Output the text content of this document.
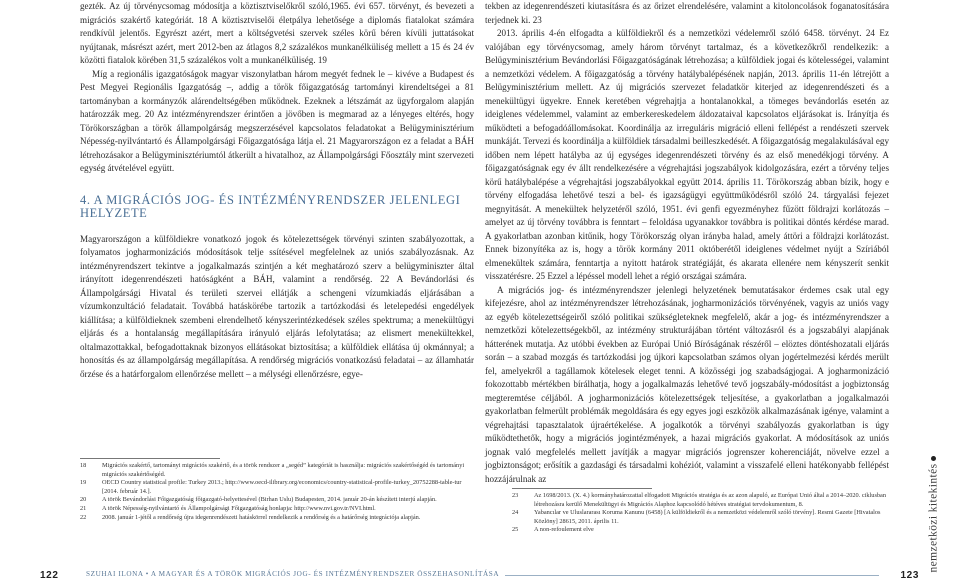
gezték. Az új törvénycsomag módosítja a köztisztviselőkről szóló,1965. évi 657. törvényt, és bevezeti a migrációs szakértő kategóriát. 18 A köztisztviselői életpálya lehetősége a diplomás fiatalokat számára rendkívül jelentős. Egyrészt azért, mert a költségvetési szervek széles körű béren kívüli juttatásokat nyújtanak, másrészt azért, mert 2012-ben az átlagos 8,2 százalékos munkanélküliség mellett a 15 és 24 év közötti fiatalok körében 31,5 százalékos volt a munkanélküliség. 19

Míg a regionális igazgatóságok magyar viszonylatban három megyét fednek le – kivéve a Budapest és Pest Megyei Regionális Igazgatóság –, addig a török főigazgatóság tartományi kirendeltségei a 81 tartományban a kormányzók alárendeltségében működnek. Ezeknek a létszámát az ügyforgalom alapján határozzák meg. 20 Az intézményrendszer érintően a jövőben is megmarad az a lényeges eltérés, hogy Törökországban a török állampolgárság megszerzésével kapcsolatos feladatokat a Belügyminisztérium Népesség-nyilvántartó és Állampolgársági Főigazgatósága látja el. 21 Magyarországon ez a feladat a BÁH létrehozásakor a Belügyminisztériumtól átkerült a hivatalhoz, az Állampolgársági Főosztály mint szervezeti egység átvételével együtt.

4. A MIGRÁCIÓS JOG- ÉS INTÉZMÉNYRENDSZER JELENLEGI HELYZETE

Magyarországon a külföldiekre vonatkozó jogok és kötelezettségek törvényi szinten szabályozottak, a folyamatos jogharmonizációs módosítások telje ssítésével megfelelnek az uniós szabályozásnak. Az intézményrendszert tekintve a jogalkalmazás szintjén a két meghatározó szerv a belügyminiszter által irányított idegenrendészeti hatóságként a BÁH, valamint a rendőrség. 22 A Bevándorlási és Állampolgársági Hivatal és területi szervei ellátják a schengeni vízumkiadás eljárásában a vízumkonzultáció feladatait. Továbbá hatáskörébe tartozik a tartózkodási és letelepedési engedélyek kiállítása; a külföldieknek szembeni elrendelhető kényszerintézkedések széles spektruma; a menekültügyi eljárás és a hontalanság megállapítására irányuló eljárás lefolytatása; az elismert menekültekkel, oltalmazottakkal, befogadottaknak bizonyos ellátásokat biztosítása; a külföldiek ellátása új okmánnyal; a honosítás és az állampolgárság megállapítása. A rendőrség migrációs vonatkozású feladatai – az államhatár őrzése és a határforgalom ellenőrzése mellett – a mélységi ellenőrzésre, egye-

tekben az idegenrendészeti kiutasításra és az őrizet elrendelésére, valamint a kitoloncolások foganatosítására terjednek ki. 23

2013. április 4-én elfogadta a külföldiekről és a nemzetközi védelemről szóló 6458. törvényt. 24 Ez valójában egy törvénycsomag, amely három törvényt tartalmaz, és a következőkről rendelkezik: a Belügyminisztérium Bevándorlási Főigazgatóságának létrehozása; a külföldiek jogai és kötelességei, valamint a nemzetközi védelem. A főigazgatóság a törvény hatálybalépésének napján, 2013. április 11-én létrejött a Belügyminisztérium mellett. Az új migrációs szervezet feladatkör kiterjed az idegenrendészeti és a menekültügyi ügyekre. Ennek keretében végrehajtja a hontalanokkal, a tömeges bevándorlás esetén az ideiglenes védelemmel, valamint az emberkereskedelem áldozataival kapcsolatos eljárásokat is. Irányítja és működteti a befogadóállomásokat. Koordinálja az irreguláris migráció elleni fellépést a rendészeti szervek munkáját. Tervezi és koordinálja a külföldiek társadalmi beilleszkedését. A főigazgatóság megalakulásával egy időben nem lépett hatályba az új egységes idegenrendészeti törvény és az első menedékjogi törvény. A főigazgatóságnak egy év állt rendelkezésére a végrehajtási jogszabályok kidolgozására, ezért a törvény teljes körű hatálybalépése a végrehajtási jogszabályokkal együtt 2014. április 11. Törökország abban bízik, hogy e törvény elfogadása lehetővé teszi a bel- és igazságügyi együttműködésről szóló 24. tárgyalási fejezet megnyitását. A menekültek helyzetéről szóló, 1951. évi genfi egyezményhez fűzött földrajzi korlátozás – amelyet az új törvény továbbra is fenntart – feloldása ugyanakkor továbbra is politikai döntés kérdése marad. A gyakorlatban azonban kitűnik, hogy Törökország olyan irányba halad, amely áttöri a földrajzi korlátozást. Ennek bizonyítéka az is, hogy a török kormány 2011 októberétől ideiglenes védelmet nyújt a Szíriából elmenekültek számára, fenntartja a nyitott határok stratégiáját, és akarata ellenére nem kényszerít senkit visszatérésre. 25 Ezzel a lépéssel modell lehet a régió országai számára.

A migrációs jog- és intézményrendszer jelenlegi helyzetének bemutatásakor érdemes csak utal egy kifejezésre, ahol az intézményrendszer létrehozásának, jogharmonizációs törvényének, vagyis az uniós vagy az egyéb kötelezettségeiről szóló politikai szükségleteknek megfelelő, akár a jog- és intézményrendszer a nemzetközi kötelezettségekből, az intézmény strukturájában történt változásról és a jogszabályi alapjának hátterének mutatja. Az utóbbi években az Európai Unió Bíróságának részéről – elöztes döntéshozatali eljárás során – a szabad mozgás és tartózkodási jog újkori kapcsolatban számos olyan jogértelmezési kérdés merült fel, amelyekről a tagállamok kötelesek eleget tenni. A közösségi jog szabadságjogai. A jogharmonizáció fokozottabb mértékben bírálhatja, hogy a jogalkalmazás lehetővé tevő jogszabály-módosítást a jogbiztonság megteremtése céljából. A jogharmonizációs kötelezettségek teljesítése, a gyakorlatban a jogalkalmazói gyakorlatban felmerült problémák megoldására és egy egyes jogi eszközök alkalmazásának igénye, valamint a végrehajtási tapasztalatok újraértékelése. A jogalkotók a törvényi szabályozás gyakorlatban is úgy működtethetők, hogy a migrációs jogintézmények, a hazai migrációs gyakorlat. A módosítások az uniós jognak való megfelelés mellett javítják a magyar migrációs jogrenszer koherenciáját, növelve ezzel a jogbiztonságot; erősítik a gazdasági és társadalmi kohéziót, valamint a visszafelé elleni hatékonyabb fellépést hozzájárulnak az

18	Migrációs szakértő, tartományi migrációs szakértő, és a török rendszer a „segéd” kategóriát is használja: migrációs szakértőségéd és tartományi migrációs szakértőségéd.

19	OECD Country statistical profile: Turkey 2013.; http://www.oecd-ilibrary.org/economics/country-statistical-profile-turkey_20752288-table-tur [2014. február 14.].

20	A török Bevándorlási Főigazgatóság főigazgató-helyettesével (Birhan Uslu) Budapesten, 2014. január 20-án készített interjú alapján.

21	A török Népesség-nyilvántartó és Állampolgársági Főigazgatóság honlapja: http://www.nvi.gov.tr/NVI.html.

22	2008. január 1-jétől a rendőrség újra idegenrendészeti hatáskörrel rendelkezik a rendőrség és a határőrség integrációja alapján.

23	Az 1698/2013. (X. 4.) kormányhatározattal elfogadott Migrációs stratégia és az azon alapuló, az Európai Unió által a 2014–2020. ciklusban létrehozásra kerülő Menekültügyi és Migrációs Alaphoz kapcsolódó hétéves stratégiai tervdokumentum, 8.

24	Yabancılar ve Uluslararası Koruma Kanunu (6458) [A külföldiekről és a nemzetközi védelemről szóló törvény]. Resmi Gazete [Hivatalos Közlöny] 28615, 2011. április 11.

25	A non-refoulement elve	nemzetközi kitekintés
122	SZUHAI ILONA • A MAGYAR ÉS A TÖRÖK MIGRÁCIÓS JOG- ÉS INTÉZMÉNYRENDSZER ÖSSZEHASONLÍTÁSA	123
